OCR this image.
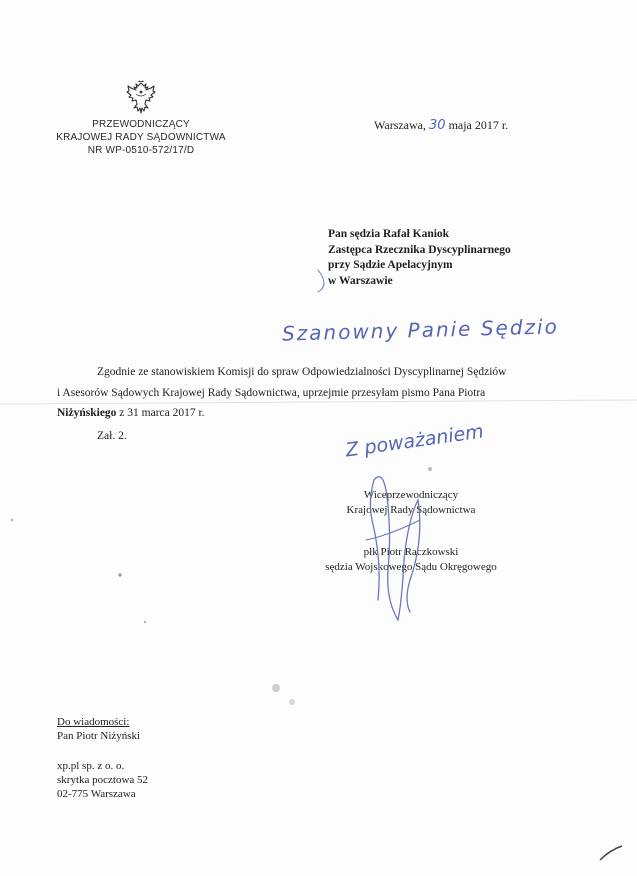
PRZEWODNICZĄCY
KRAJOWEJ RADY SĄDOWNICTWA
NR WP-0510-572/17/D
Warszawa, 30 maja 2017 r.
Pan sędzia Rafał Kaniok
Zastępca Rzecznika Dyscyplinarnego
przy Sądzie Apelacyjnym
w Warszawie
Szanowny Panie Sędzio

Zgodnie ze stanowiskiem Komisji do spraw Odpowiedzialności Dyscyplinarnej Sędziów

i Asesorów Sądowych Krajowej Rady Sądownictwa, uprzejmie przesyłam pismo Pana Piotra

Niżyńskiego z 31 marca 2017 r.

Zał. 2.	Z poważaniem
Wiceprzewodniczący
Krajowej Rady Sądownictwa
płk Piotr Raczkowski
sędzia Wojskowego Sądu Okręgowego
Do wiadomości:
Pan Piotr Niżyński
xp.pl sp. z o. o.
skrytka pocztowa 52
02-775 Warszawa
